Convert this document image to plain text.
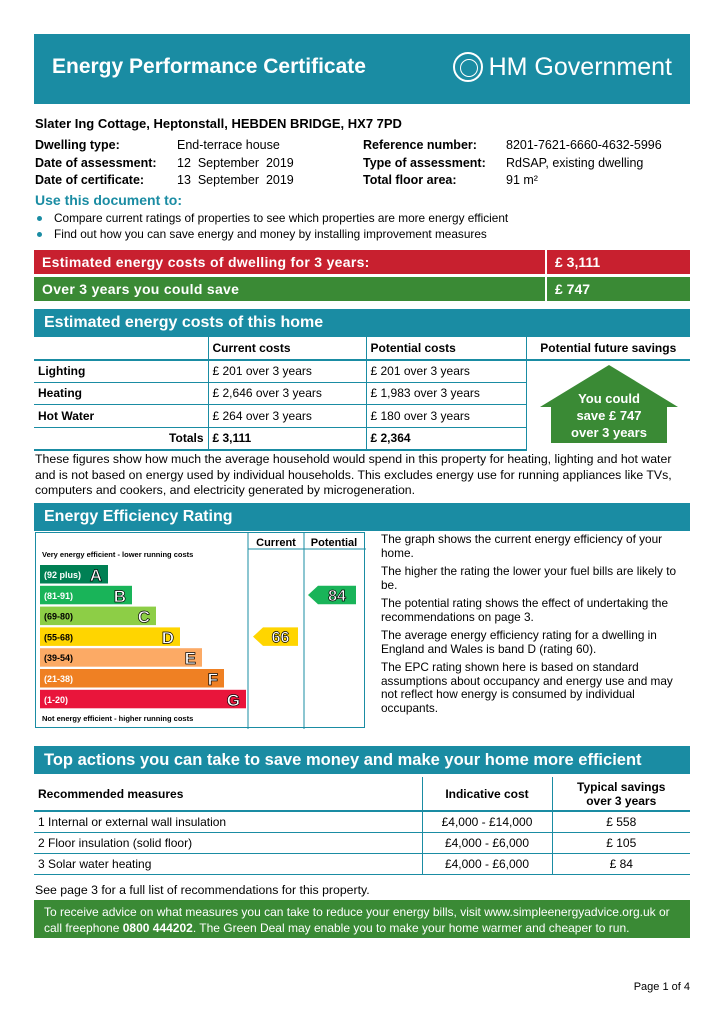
Energy Performance Certificate	HM Government
Slater Ing Cottage, Heptonstall, HEBDEN BRIDGE, HX7 7PD
Dwelling type:	End-terrace house	Reference number:	8201-7621-6660-4632-5996
Date of assessment:	12  September  2019	Type of assessment:	RdSAP, existing dwelling
Date of certificate:	13  September  2019	Total floor area:	91 m²
Use this document to:
Compare current ratings of properties to see which properties are more energy efficient
Find out how you can save energy and money by installing improvement measures
Estimated energy costs of dwelling for 3 years:	£ 3,111
Over 3 years you could save	£ 747
Estimated energy costs of this home
	Current costs	Potential costs	Potential future savings
Lighting	£ 201 over 3 years	£ 201 over 3 years	
Heating	£ 2,646 over 3 years	£ 1,983 over 3 years	
Hot Water	£ 264 over 3 years	£ 180 over 3 years	
Totals	£ 3,111	£ 2,364	
You could
save £ 747
over 3 years
These figures show how much the average household would spend in this property for heating, lighting and hot water and is not based on energy used by individual households. This excludes energy use for running appliances like TVs, computers and cookers, and electricity generated by microgeneration.
Energy Efficiency Rating
Current Potential
Very energy efficient - lower running costs
Not energy efficient - higher running costs
(92 plus) A
(81-91) B
(69-80)	C
(55-68)	D
(39-54)	E
(21-38)	F
(1-20)	G
66
84

The graph shows the current energy efficiency of your home.

The higher the rating the lower your fuel bills are likely to be.

The potential rating shows the effect of undertaking the recommendations on page 3.

The average energy efficiency rating for a dwelling in England and Wales is band D (rating 60).

The EPC rating shown here is based on standard assumptions about occupancy and energy use and may not reflect how energy is consumed by individual occupants.

Top actions you can take to save money and make your home more efficient
Recommended measures	Indicative cost	Typical savings over 3 years
1 Internal or external wall insulation	£4,000 - £14,000	£ 558
2 Floor insulation (solid floor)	£4,000 - £6,000	£ 105
3 Solar water heating	£4,000 - £6,000	£ 84
See page 3 for a full list of recommendations for this property.
To receive advice on what measures you can take to reduce your energy bills, visit www.simpleenergyadvice.org.uk or
call freephone 0800 444202. The Green Deal may enable you to make your home warmer and cheaper to run.
Page 1 of 4
